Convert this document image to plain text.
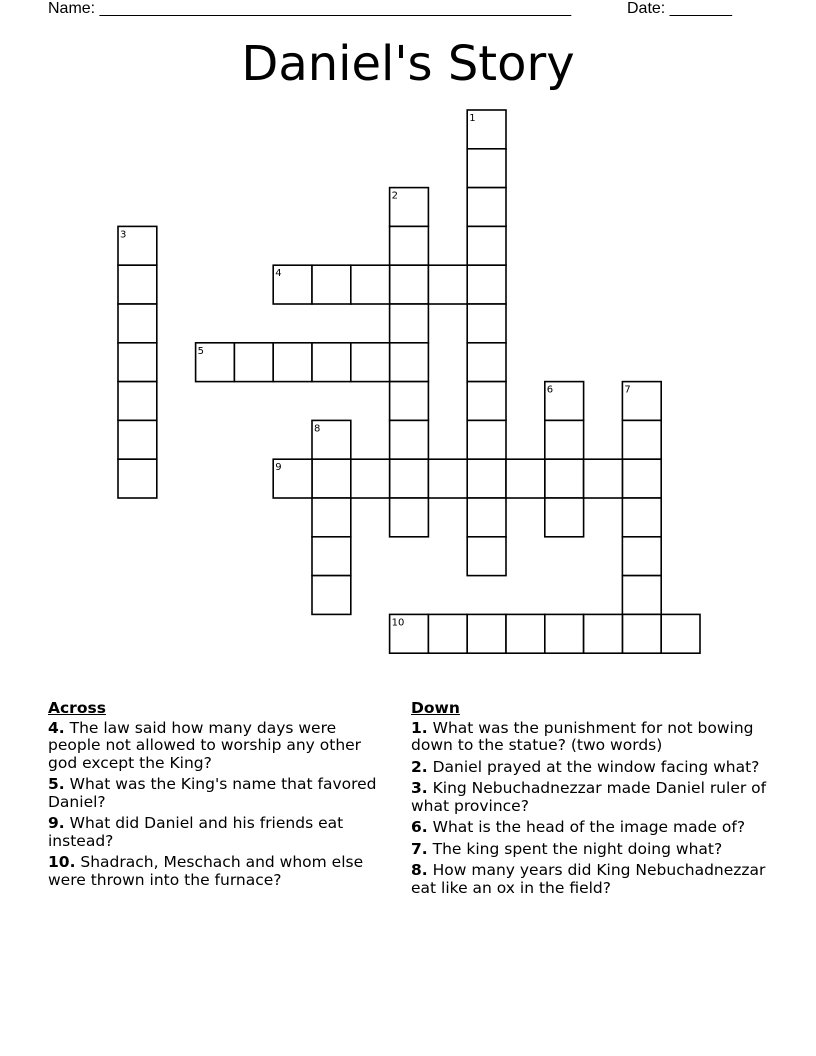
Name: _____________________________________________________	Date: _______
Daniel's Story
1
2
3
4
5
6	7
8
9
10
Across
4. The law said how many days were people not allowed to worship any other god except the King?
5. What was the King's name that favored Daniel?
9. What did Daniel and his friends eat instead?
10. Shadrach, Meschach and whom else were thrown into the furnace?
Down
1. What was the punishment for not bowing down to the statue? (two words)
2. Daniel prayed at the window facing what?
3. King Nebuchadnezzar made Daniel ruler of what province?
6. What is the head of the image made of?
7. The king spent the night doing what?
8. How many years did King Nebuchadnezzar eat like an ox in the field?
